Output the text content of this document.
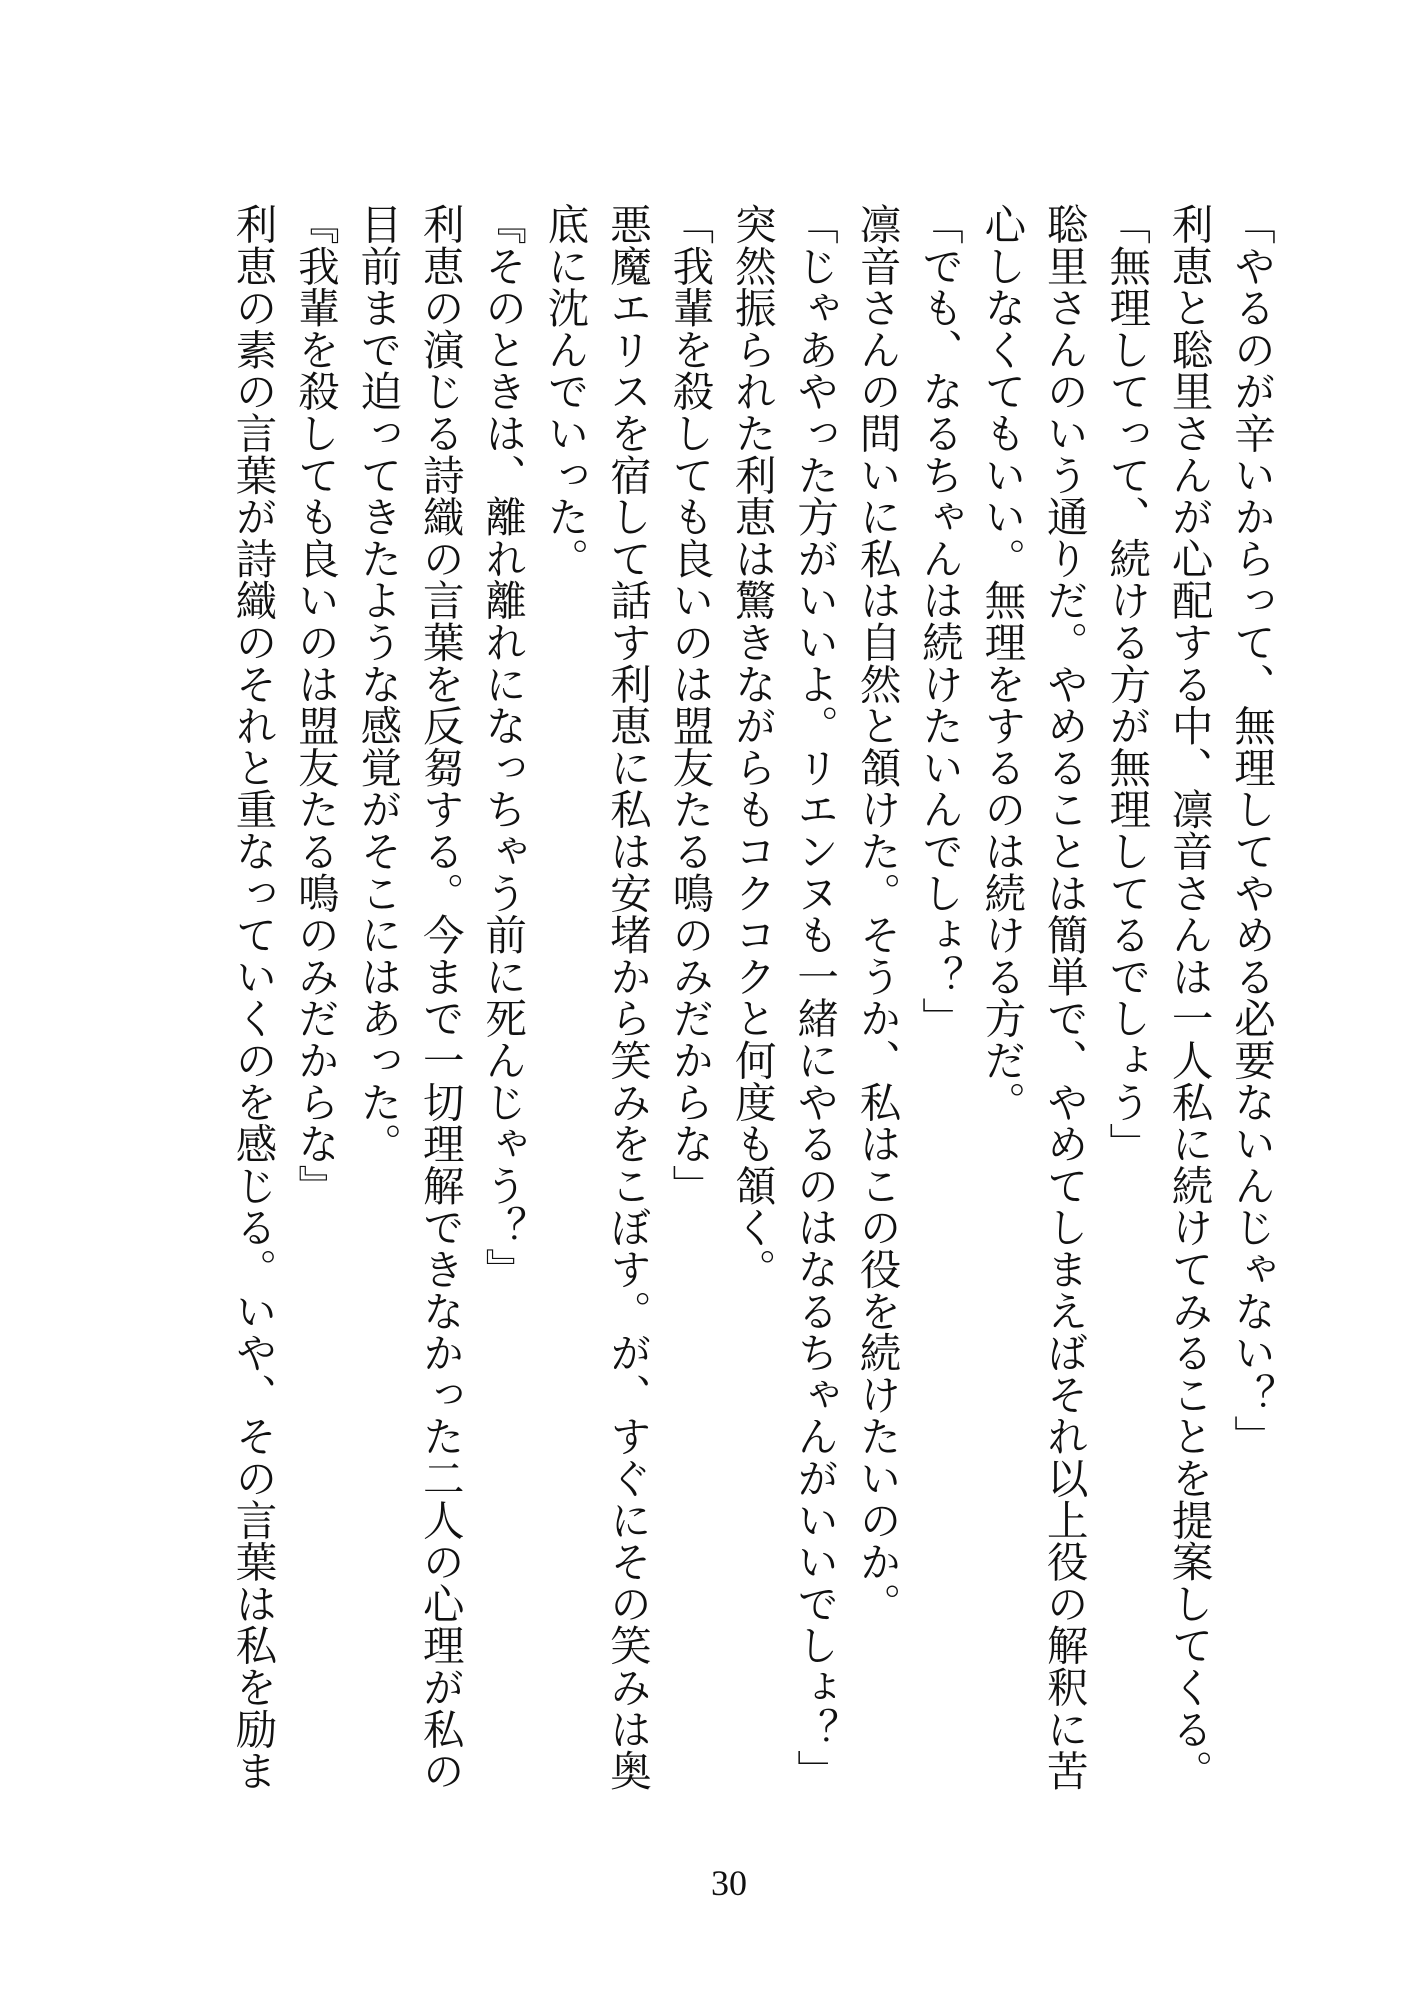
「やるのが辛いからって、無理してやめる必要ないんじゃない？」
利恵と聡里さんが心配する中、凛音さんは一人私に続けてみることを提案してくる。
「無理してって、続ける方が無理してるでしょう」
聡里さんのいう通りだ。やめることは簡単で、やめてしまえばそれ以上役の解釈に苦
心しなくてもいい。無理をするのは続ける方だ。
「でも、なるちゃんは続けたいんでしょ？」
凛音さんの問いに私は自然と頷けた。そうか、私はこの役を続けたいのか。
「じゃあやった方がいいよ。リエンヌも一緒にやるのはなるちゃんがいいでしょ？」
突然振られた利恵は驚きながらもコクコクと何度も頷く。
「我輩を殺しても良いのは盟友たる鳴のみだからな」
悪魔エリスを宿して話す利恵に私は安堵から笑みをこぼす。が、すぐにその笑みは奥
底に沈んでいった。
『そのときは、離れ離れになっちゃう前に死んじゃう？』
利恵の演じる詩織の言葉を反芻する。今まで一切理解できなかった二人の心理が私の
目前まで迫ってきたような感覚がそこにはあった。
『我輩を殺しても良いのは盟友たる鳴のみだからな』
利恵の素の言葉が詩織のそれと重なっていくのを感じる。いや、その言葉は私を励ま
30
